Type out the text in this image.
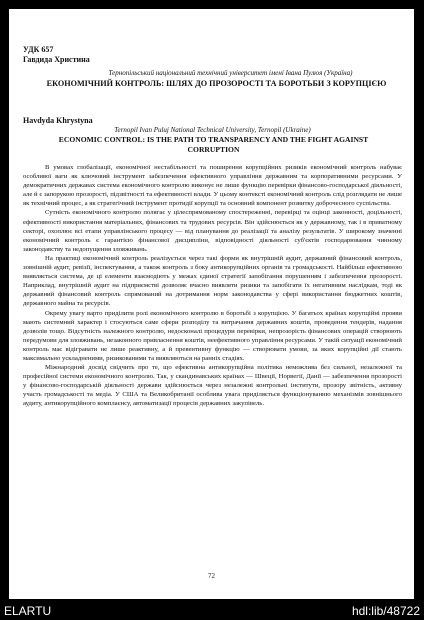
УДК 657
Гавдида Христина
Тернопільський національний технічний університет імені Івана Пулюя (Україна)
ЕКОНОМІЧНИЙ КОНТРОЛЬ: ШЛЯХ ДО ПРОЗОРОСТІ ТА БОРОТЬБИ З КОРУПЦІЄЮ
Havdyda Khrystyna
Ternopil Ivan Puluj National Technical University, Ternopil (Ukraine)
ECONOMIC CONTROL: IS THE PATH TO TRANSPARENCY AND THE FIGHT AGAINST CORRUPTION

В умовах глобалізації, економічної нестабільності та поширення корупційних ризиків економічний контроль набуває особливої ваги як ключовий інструмент забезпечення ефективного управління державним та корпоративними ресурсами. У демократичних державах система економічного контролю виконує не лише функцію перевірки фінансово-господарської діяльності, але й є запорукою прозорості, підзвітності та ефективності влади. У цьому контексті економічний контроль слід розглядати не лише як технічний процес, а як стратегічний інструмент протидії корупції та основний компонент розвитку доброчесного суспільства.

Сутність економічного контролю полягає у цілеспрямованому спостереженні, перевірці та оцінці законності, доцільності, ефективності використання матеріальних, фінансових та трудових ресурсів. Він здійснюється як у державному, так і в приватному секторі, охоплює всі етапи управлінського процесу — від планування до реалізації та аналізу результатів. У широкому значенні економічний контроль є гарантією фінансової дисципліни, відповідності діяльності суб'єктів господарювання чинному законодавству та недопущення зловживань.

На практиці економічний контроль реалізується через такі форми як внутрішній аудит, державний фінансовий контроль, зовнішній аудит, ревізії, інспектування, а також контроль з боку антикорупційних органів та громадськості. Найбільш ефективною виявляється система, де ці елементи взаємодіють у межах єдиної стратегії запобігання порушенням і забезпечення прозорості. Наприклад, внутрішній аудит на підприємстві дозволяє вчасно виявляти ризики та запобігати їх негативним наслідкам, тоді як державний фінансовий контроль спрямований на дотримання норм законодавства у сфері використання бюджетних коштів, державного майна та ресурсів.

Окрему увагу варто приділити ролі економічного контролю в боротьбі з корупцією. У багатьох країнах корупційні прояви мають системний характер і стосуються саме сфери розподілу та витрачання державних коштів, проведення тендерів, надання дозволів тощо. Відсутність належного контролю, недосконалі процедури перевірки, непрозорість фінансових операцій створюють передумови для зловживань, незаконного привласнення коштів, неефективного управління ресурсами. У такій ситуації економічний контроль має відігравати не лише реактивну, а й превентивну функцію — створювати умови, за яких корупційні дії стають максимально ускладненими, ризикованими та виявляються на ранніх стадіях.

Міжнародний досвід свідчить про те, що ефективна антикорупційна політика неможлива без сильної, незалежної та професійної системи економічного контролю. Так, у скандинавських країнах — Швеції, Норвегії, Данії — забезпечення прозорості у фінансово-господарській діяльності держави здійснюється через незалежні контрольні інститути, прозору звітність, активну участь громадськості та медіа. У США та Великобританії особлива увага приділяється функціонуванню механізмів зовнішнього аудиту, антикорупційного комплаєнсу, автоматизації процесів державних закупівель.

72
ELARTU	hdl:lib/48722
